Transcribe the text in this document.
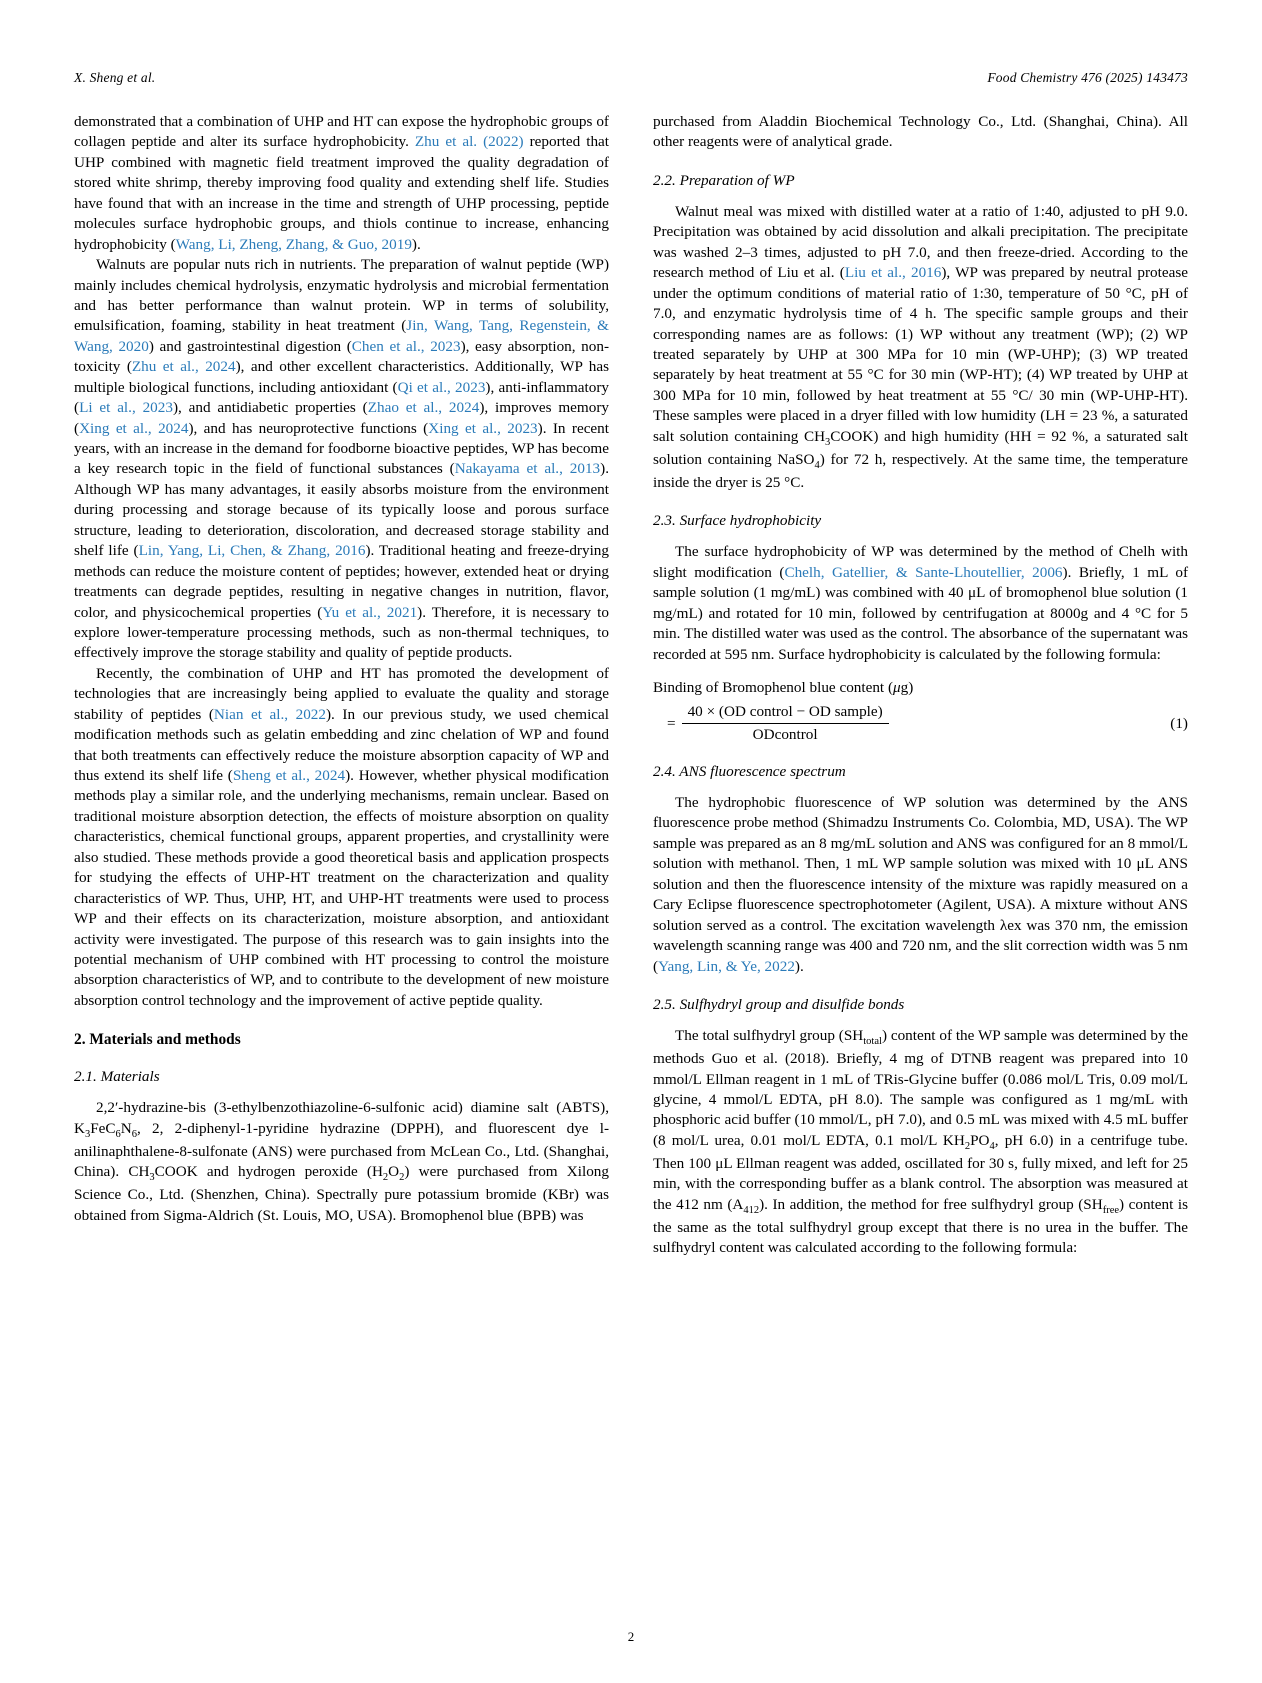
X. Sheng et al.	Food Chemistry 476 (2025) 143473

demonstrated that a combination of UHP and HT can expose the hydrophobic groups of collagen peptide and alter its surface hydrophobicity. Zhu et al. (2022) reported that UHP combined with magnetic field treatment improved the quality degradation of stored white shrimp, thereby improving food quality and extending shelf life. Studies have found that with an increase in the time and strength of UHP processing, peptide molecules surface hydrophobic groups, and thiols continue to increase, enhancing hydrophobicity (Wang, Li, Zheng, Zhang, & Guo, 2019).

Walnuts are popular nuts rich in nutrients. The preparation of walnut peptide (WP) mainly includes chemical hydrolysis, enzymatic hydrolysis and microbial fermentation and has better performance than walnut protein. WP in terms of solubility, emulsification, foaming, stability in heat treatment (Jin, Wang, Tang, Regenstein, & Wang, 2020) and gastrointestinal digestion (Chen et al., 2023), easy absorption, non-toxicity (Zhu et al., 2024), and other excellent characteristics. Additionally, WP has multiple biological functions, including antioxidant (Qi et al., 2023), anti-inflammatory (Li et al., 2023), and antidiabetic properties (Zhao et al., 2024), improves memory (Xing et al., 2024), and has neuroprotective functions (Xing et al., 2023). In recent years, with an increase in the demand for foodborne bioactive peptides, WP has become a key research topic in the field of functional substances (Nakayama et al., 2013). Although WP has many advantages, it easily absorbs moisture from the environment during processing and storage because of its typically loose and porous surface structure, leading to deterioration, discoloration, and decreased storage stability and shelf life (Lin, Yang, Li, Chen, & Zhang, 2016). Traditional heating and freeze-drying methods can reduce the moisture content of peptides; however, extended heat or drying treatments can degrade peptides, resulting in negative changes in nutrition, flavor, color, and physicochemical properties (Yu et al., 2021). Therefore, it is necessary to explore lower-temperature processing methods, such as non-thermal techniques, to effectively improve the storage stability and quality of peptide products.

Recently, the combination of UHP and HT has promoted the development of technologies that are increasingly being applied to evaluate the quality and storage stability of peptides (Nian et al., 2022). In our previous study, we used chemical modification methods such as gelatin embedding and zinc chelation of WP and found that both treatments can effectively reduce the moisture absorption capacity of WP and thus extend its shelf life (Sheng et al., 2024). However, whether physical modification methods play a similar role, and the underlying mechanisms, remain unclear. Based on traditional moisture absorption detection, the effects of moisture absorption on quality characteristics, chemical functional groups, apparent properties, and crystallinity were also studied. These methods provide a good theoretical basis and application prospects for studying the effects of UHP-HT treatment on the characterization and quality characteristics of WP. Thus, UHP, HT, and UHP-HT treatments were used to process WP and their effects on its characterization, moisture absorption, and antioxidant activity were investigated. The purpose of this research was to gain insights into the potential mechanism of UHP combined with HT processing to control the moisture absorption characteristics of WP, and to contribute to the development of new moisture absorption control technology and the improvement of active peptide quality.

2. Materials and methods
2.1. Materials

2,2′-hydrazine-bis (3-ethylbenzothiazoline-6-sulfonic acid) diamine salt (ABTS), $K_3FeC_6N_6$, 2, 2-diphenyl-1-pyridine hydrazine (DPPH), and fluorescent dye l-anilinaphthalene-8-sulfonate (ANS) were purchased from McLean Co., Ltd. (Shanghai, China). $CH_3COOK$ and hydrogen peroxide $(H_2O_2)$ were purchased from Xilong Science Co., Ltd. (Shenzhen, China). Spectrally pure potassium bromide (KBr) was obtained from Sigma-Aldrich (St. Louis, MO, USA). Bromophenol blue (BPB) was

purchased from Aladdin Biochemical Technology Co., Ltd. (Shanghai, China). All other reagents were of analytical grade.

2.2. Preparation of WP

Walnut meal was mixed with distilled water at a ratio of 1:40, adjusted to pH 9.0. Precipitation was obtained by acid dissolution and alkali precipitation. The precipitate was washed 2–3 times, adjusted to pH 7.0, and then freeze-dried. According to the research method of Liu et al. (Liu et al., 2016), WP was prepared by neutral protease under the optimum conditions of material ratio of 1:30, temperature of 50 °C, pH of 7.0, and enzymatic hydrolysis time of 4 h. The specific sample groups and their corresponding names are as follows: (1) WP without any treatment (WP); (2) WP treated separately by UHP at 300 MPa for 10 min (WP-UHP); (3) WP treated separately by heat treatment at 55 °C for 30 min (WP-HT); (4) WP treated by UHP at 300 MPa for 10 min, followed by heat treatment at 55 °C/ 30 min (WP-UHP-HT). These samples were placed in a dryer filled with low humidity (LH = 23 %, a saturated salt solution containing $CH_3COOK$) and high humidity (HH = 92 %, a saturated salt solution containing NaSO$_4$) for 72 h, respectively. At the same time, the temperature inside the dryer is 25 °C.

2.3. Surface hydrophobicity

The surface hydrophobicity of WP was determined by the method of Chelh with slight modification (Chelh, Gatellier, & Sante-Lhoutellier, 2006). Briefly, 1 mL of sample solution (1 mg/mL) was combined with 40 μL of bromophenol blue solution (1 mg/mL) and rotated for 10 min, followed by centrifugation at 8000g and 4 °C for 5 min. The distilled water was used as the control. The absorbance of the supernatant was recorded at 595 nm. Surface hydrophobicity is calculated by the following formula:

Binding of Bromophenol blue content (μg)

= $\frac{\text{40 × (OD control − OD sample)}}{\text{ODcontrol}}$	(1)
2.4. ANS fluorescence spectrum

The hydrophobic fluorescence of WP solution was determined by the ANS fluorescence probe method (Shimadzu Instruments Co. Colombia, MD, USA). The WP sample was prepared as an 8 mg/mL solution and ANS was configured for an 8 mmol/L solution with methanol. Then, 1 mL WP sample solution was mixed with 10 μL ANS solution and then the fluorescence intensity of the mixture was rapidly measured on a Cary Eclipse fluorescence spectrophotometer (Agilent, USA). A mixture without ANS solution served as a control. The excitation wavelength λex was 370 nm, the emission wavelength scanning range was 400 and 720 nm, and the slit correction width was 5 nm (Yang, Lin, & Ye, 2022).

2.5. Sulfhydryl group and disulfide bonds

The total sulfhydryl group $(SH_{total})$ content of the WP sample was determined by the methods Guo et al. (2018). Briefly, 4 mg of DTNB reagent was prepared into 10 mmol/L Ellman reagent in 1 mL of TRis-Glycine buffer (0.086 mol/L Tris, 0.09 mol/L glycine, 4 mmol/L EDTA, pH 8.0). The sample was configured as 1 mg/mL with phosphoric acid buffer (10 mmol/L, pH 7.0), and 0.5 mL was mixed with 4.5 mL buffer (8 mol/L urea, 0.01 mol/L EDTA, 0.1 mol/L $KH_2PO_4$, pH 6.0) in a centrifuge tube. Then 100 μL Ellman reagent was added, oscillated for 30 s, fully mixed, and left for 25 min, with the corresponding buffer as a blank control. The absorption was measured at the 412 nm $(A_{412})$. In addition, the method for free sulfhydryl group $(SH_{free})$ content is the same as the total sulfhydryl group except that there is no urea in the buffer. The sulfhydryl content was calculated according to the following formula:

2
